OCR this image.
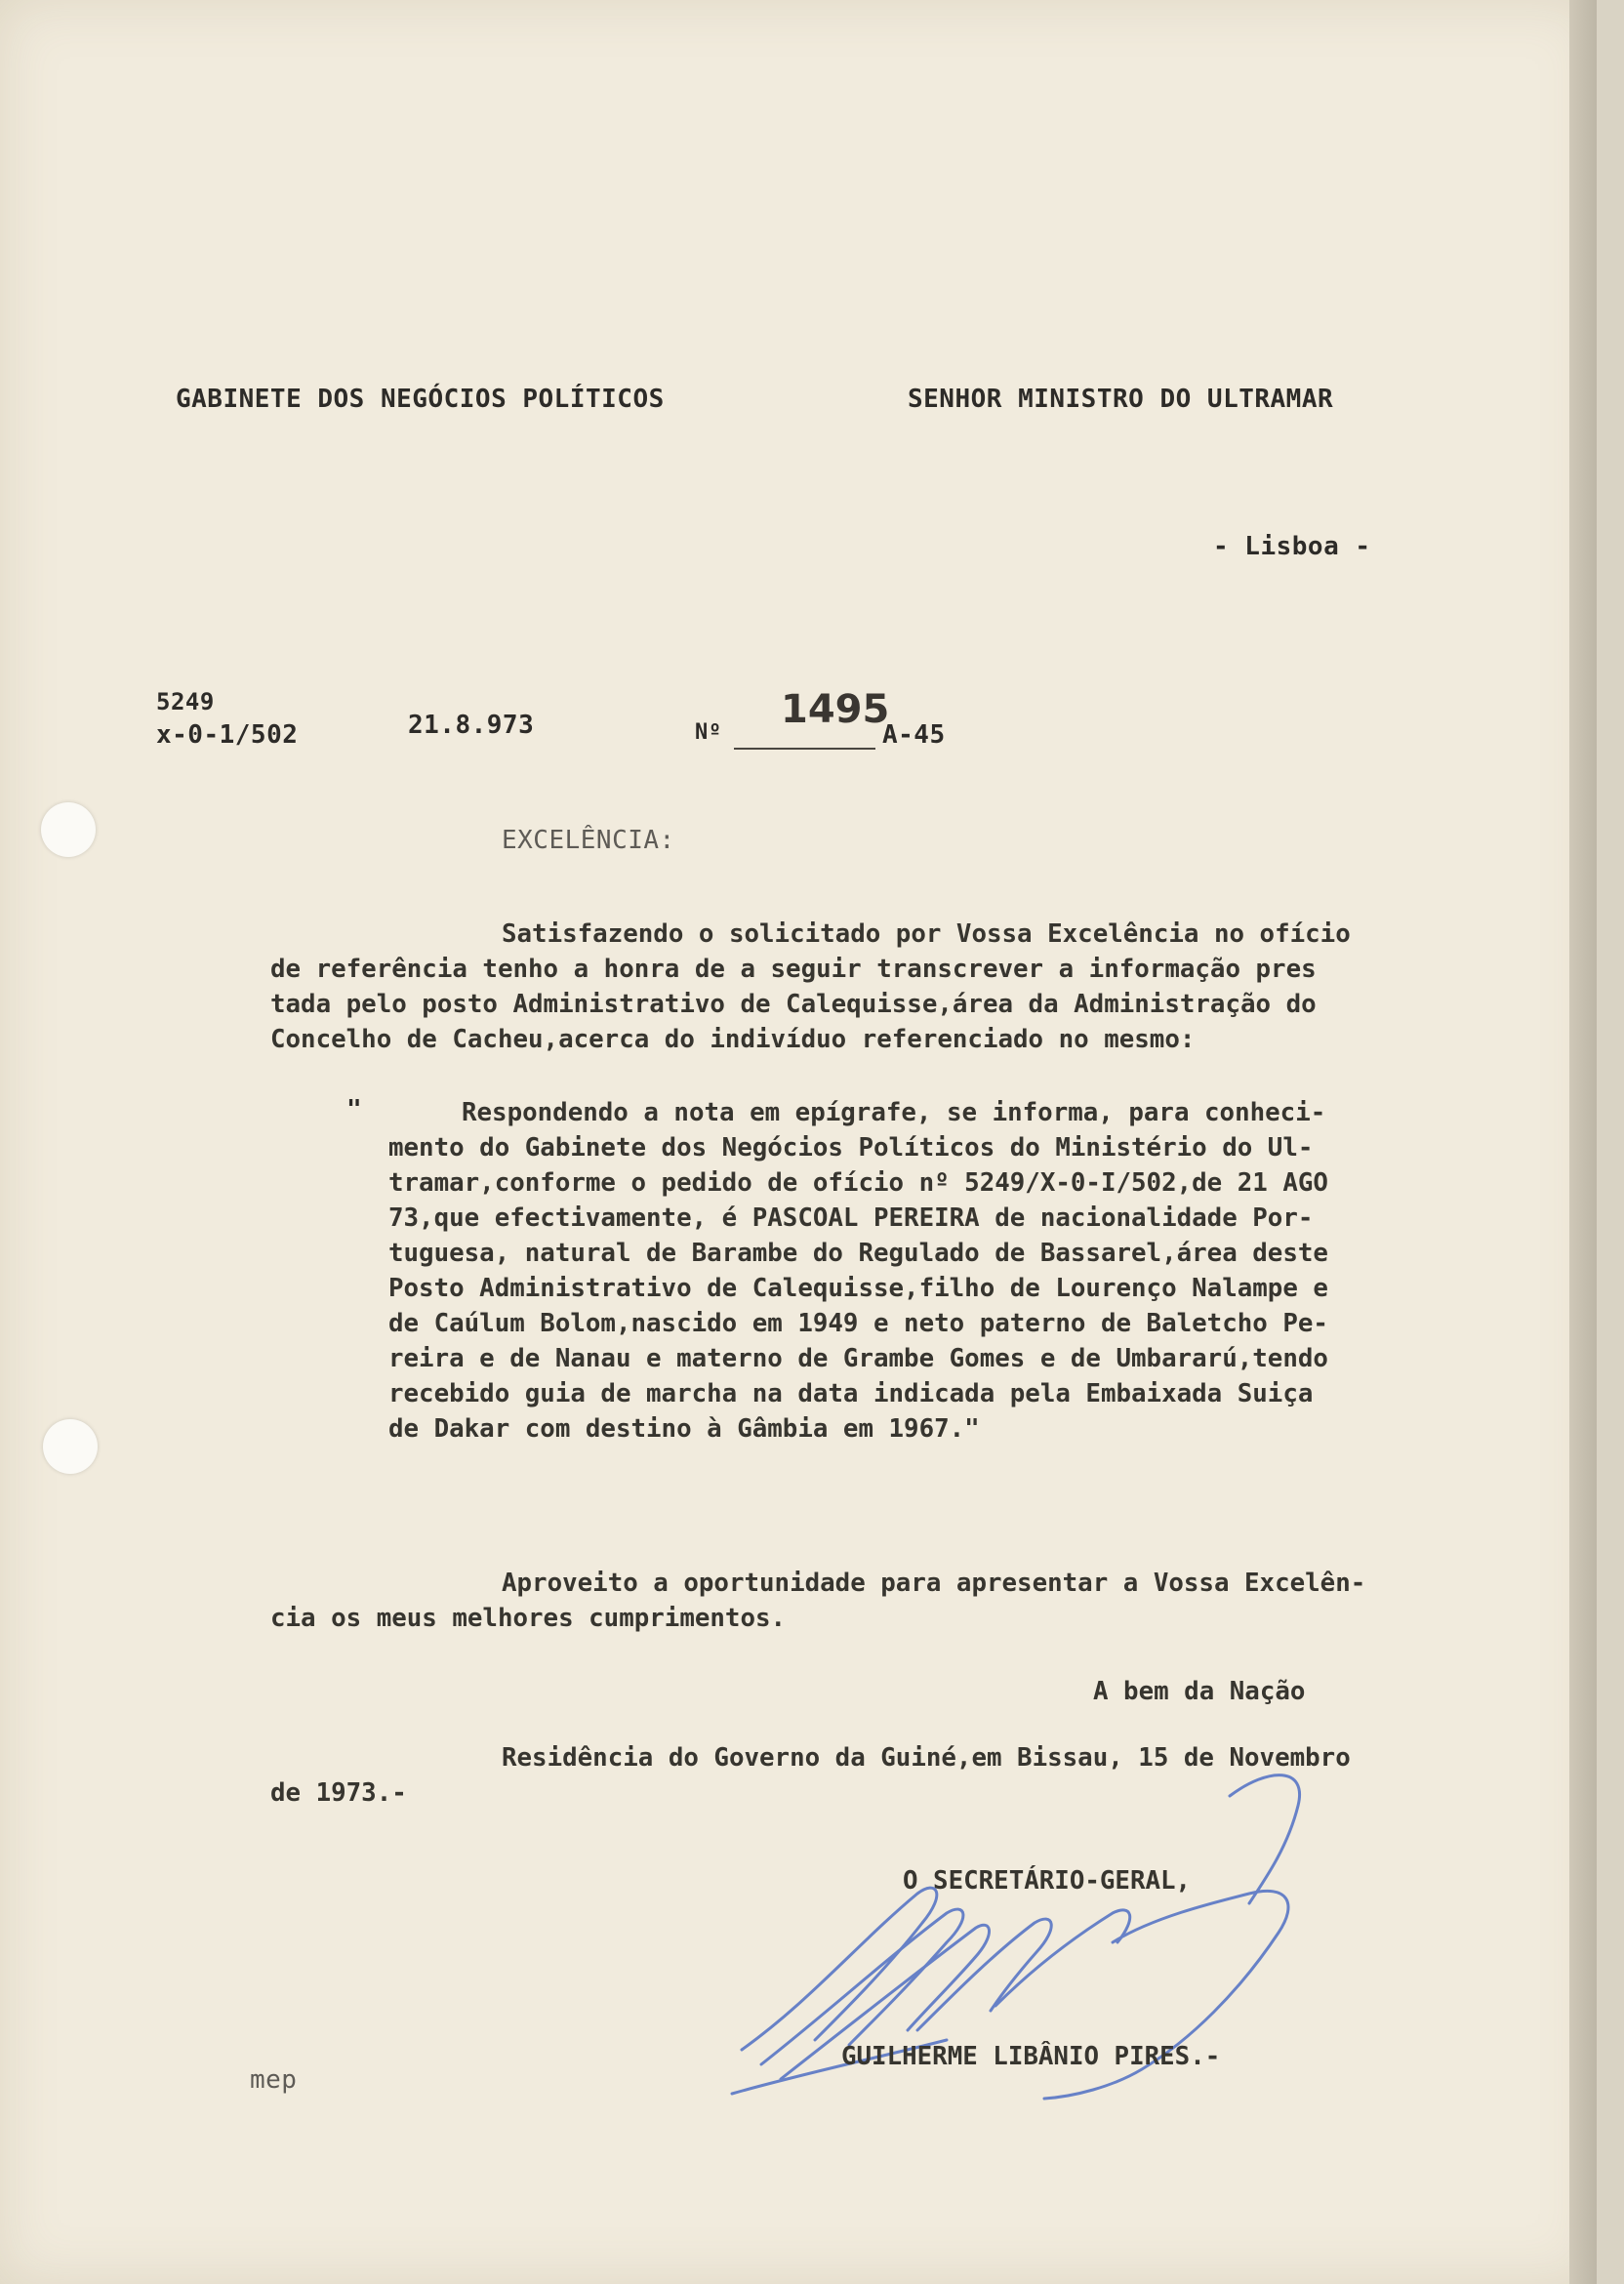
GABINETE DOS NEGÓCIOS POLÍTICOS	SENHOR MINISTRO DO ULTRAMAR
- Lisboa -
5249
x-0-1/502	21.8.973	Nº
1495
A-45
EXCELÊNCIA:
Satisfazendo o solicitado por Vossa Excelência no ofício
de referência tenho a honra de a seguir transcrever a informação pres
tada pelo posto Administrativo de Calequisse,área da Administração do
Concelho de Cacheu,acerca do indivíduo referenciado no mesmo:
"	Respondendo a nota em epígrafe, se informa, para conheci-
mento do Gabinete dos Negócios Políticos do Ministério do Ul-
tramar,conforme o pedido de ofício nº 5249/X-0-I/502,de 21 AGO
73,que efectivamente, é PASCOAL PEREIRA de nacionalidade Por-
tuguesa, natural de Barambe do Regulado de Bassarel,área deste
Posto Administrativo de Calequisse,filho de Lourenço Nalampe e
de Caúlum Bolom,nascido em 1949 e neto paterno de Baletcho Pe-
reira e de Nanau e materno de Grambe Gomes e de Umbararú,tendo
recebido guia de marcha na data indicada pela Embaixada Suiça
de Dakar com destino à Gâmbia em 1967."
Aproveito a oportunidade para apresentar a Vossa Excelên-
cia os meus melhores cumprimentos.
A bem da Nação
Residência do Governo da Guiné,em Bissau, 15 de Novembro
de 1973.-
O SECRETÁRIO-GERAL,
GUILHERME LIBÂNIO PIRES.-
mep
